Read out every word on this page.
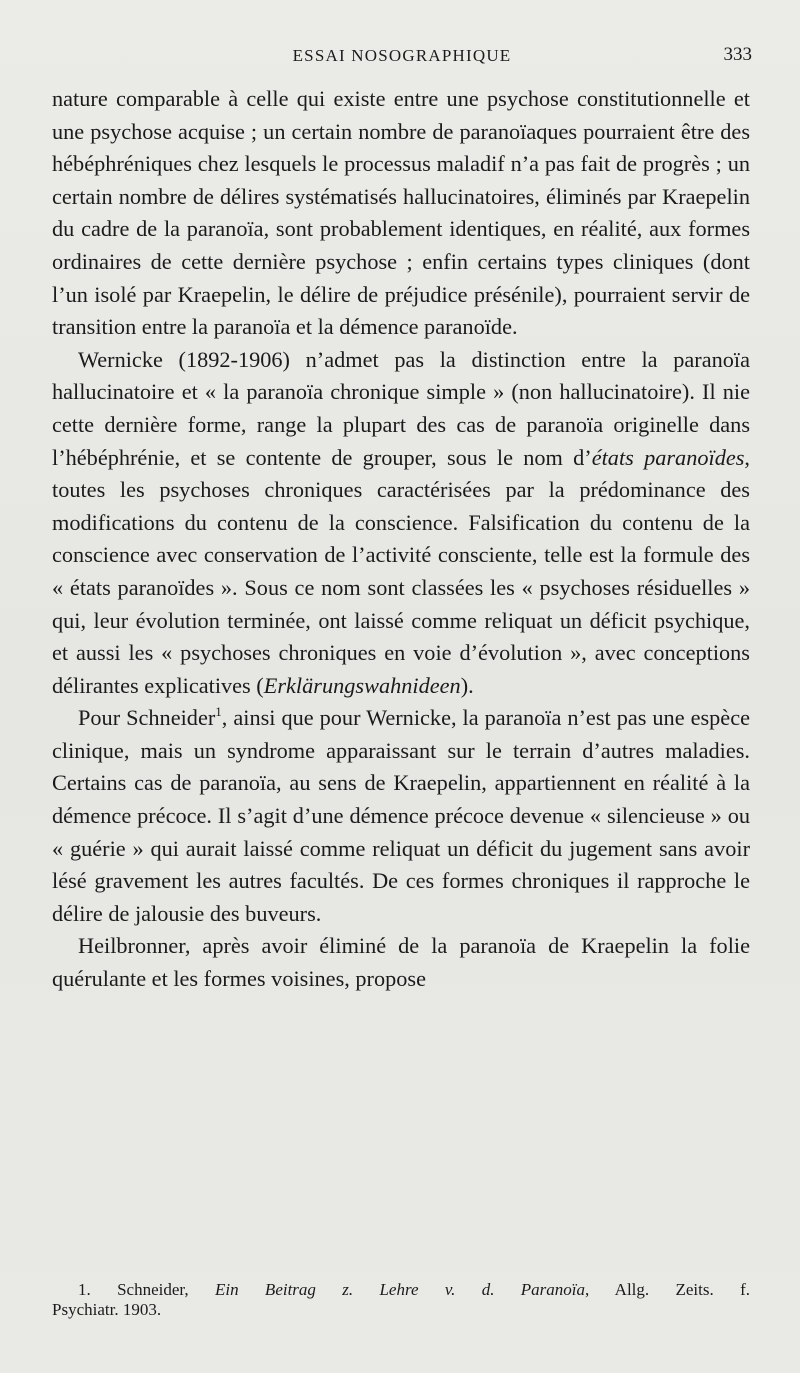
ESSAI NOSOGRAPHIQUE	333

nature comparable à celle qui existe entre une psychose constitutionnelle et une psychose acquise ; un certain nombre de paranoïaques pourraient être des hébéphréniques chez lesquels le processus maladif n’a pas fait de progrès ; un certain nombre de délires systématisés hallucinatoires, éliminés par Kraepelin du cadre de la paranoïa, sont probablement identiques, en réalité, aux formes ordinaires de cette dernière psychose ; enfin certains types cliniques (dont l’un isolé par Kraepelin, le délire de préjudice présénile), pourraient servir de transition entre la paranoïa et la démence paranoïde.

Wernicke (1892-1906) n’admet pas la distinction entre la paranoïa hallucinatoire et « la paranoïa chronique simple » (non hallucinatoire). Il nie cette dernière forme, range la plupart des cas de paranoïa originelle dans l’hébéphrénie, et se contente de grouper, sous le nom d’états paranoïdes, toutes les psychoses chroniques caractérisées par la prédominance des modifications du contenu de la conscience. Falsification du contenu de la conscience avec conservation de l’activité consciente, telle est la formule des « états paranoïdes ». Sous ce nom sont classées les « psychoses résiduelles » qui, leur évolution terminée, ont laissé comme reliquat un déficit psychique, et aussi les « psychoses chroniques en voie d’évolution », avec conceptions délirantes explicatives (Erklärungswahnideen).

Pour Schneider$^1$, ainsi que pour Wernicke, la paranoïa n’est pas une espèce clinique, mais un syndrome apparaissant sur le terrain d’autres maladies. Certains cas de paranoïa, au sens de Kraepelin, appartiennent en réalité à la démence précoce. Il s’agit d’une démence précoce devenue « silencieuse » ou « guérie » qui aurait laissé comme reliquat un déficit du jugement sans avoir lésé gravement les autres facultés. De ces formes chroniques il rapproche le délire de jalousie des buveurs.

Heilbronner, après avoir éliminé de la paranoïa de Kraepelin la folie quérulante et les formes voisines, propose

1. Schneider, Ein Beitrag z. Lehre v. d. Paranoïa, Allg. Zeits. f.
Psychiatr. 1903.
